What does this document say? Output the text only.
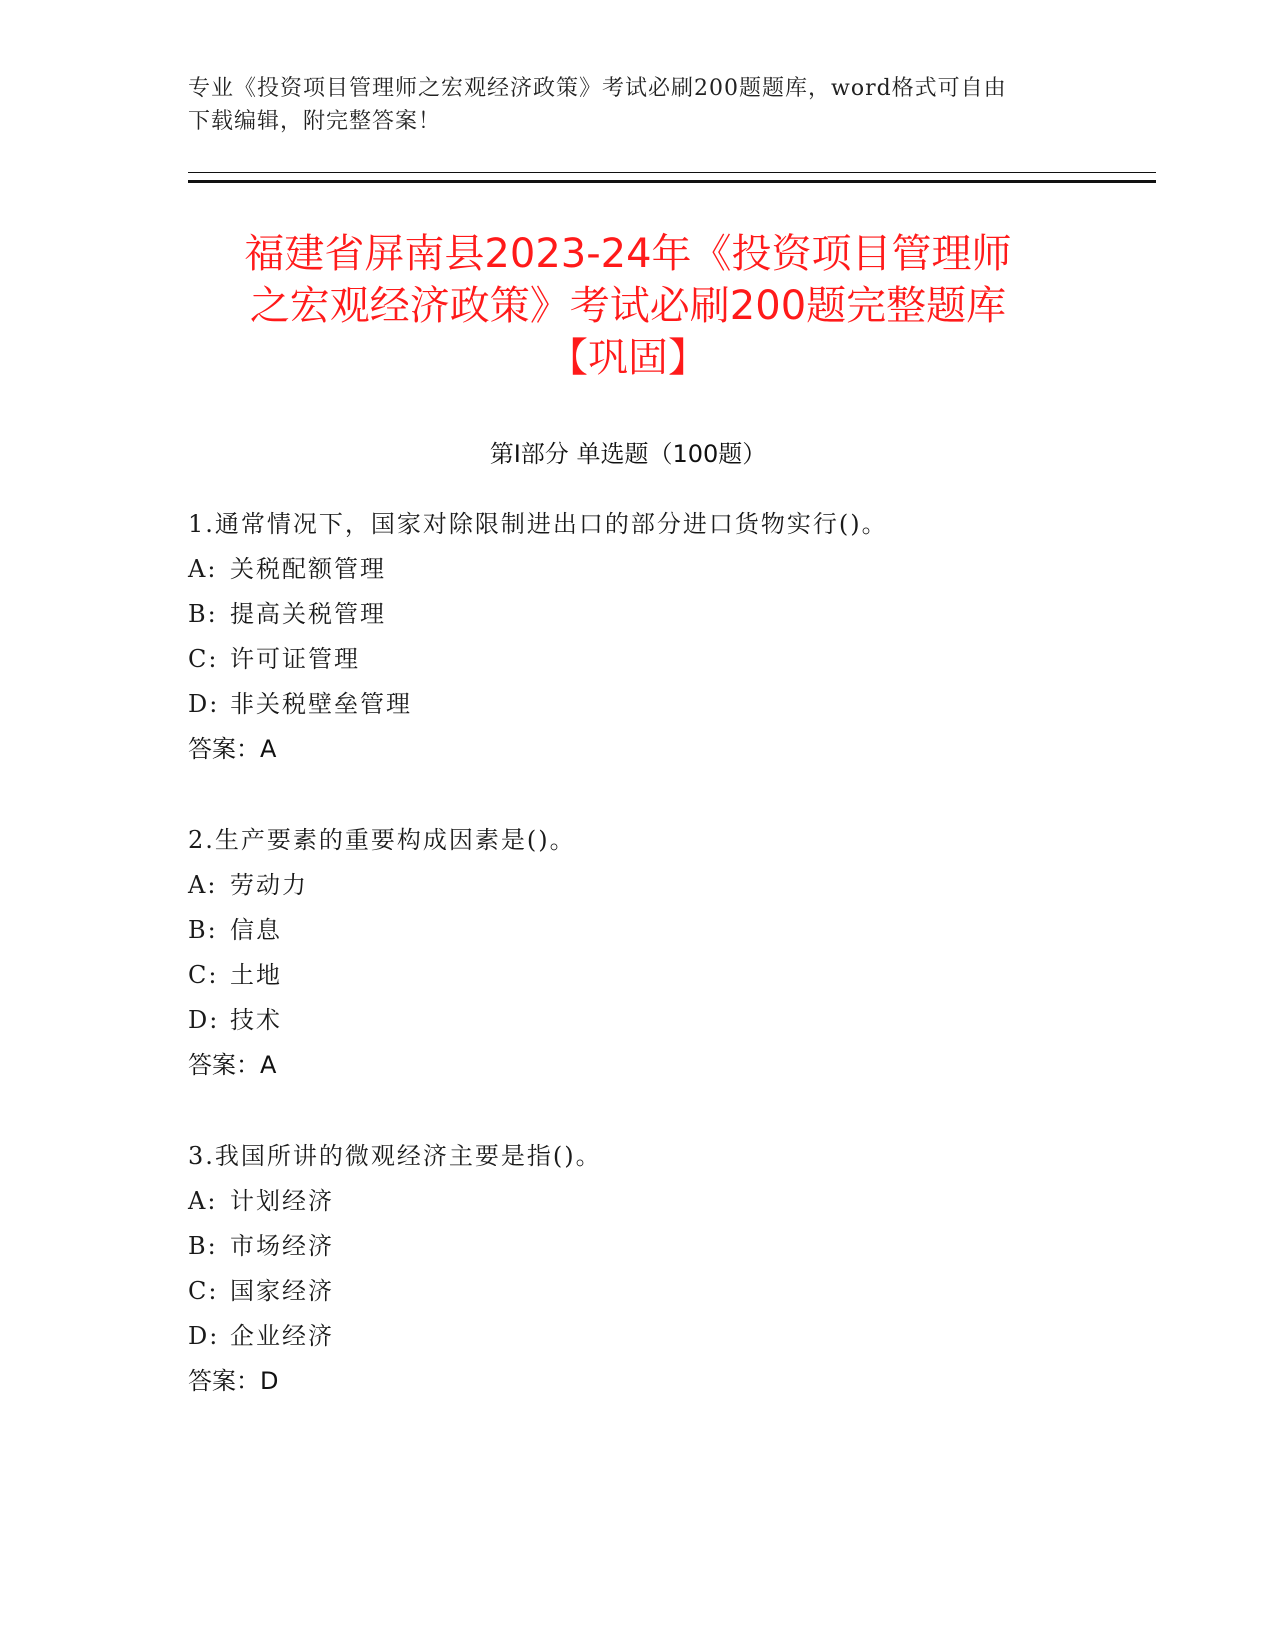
专业《投资项目管理师之宏观经济政策》考试必刷200题题库，word格式可自由
下载编辑，附完整答案！
福建省屏南县2023-24年《投资项目管理师
之宏观经济政策》考试必刷200题完整题库
【巩固】
第I部分 单选题（100题）
1.通常情况下，国家对除限制进出口的部分进口货物实行()。
A: 关税配额管理
B: 提高关税管理
C: 许可证管理
D: 非关税壁垒管理
答案：A
2.生产要素的重要构成因素是()。
A: 劳动力
B: 信息
C: 土地
D: 技术
答案：A
3.我国所讲的微观经济主要是指()。
A: 计划经济
B: 市场经济
C: 国家经济
D: 企业经济
答案：D
